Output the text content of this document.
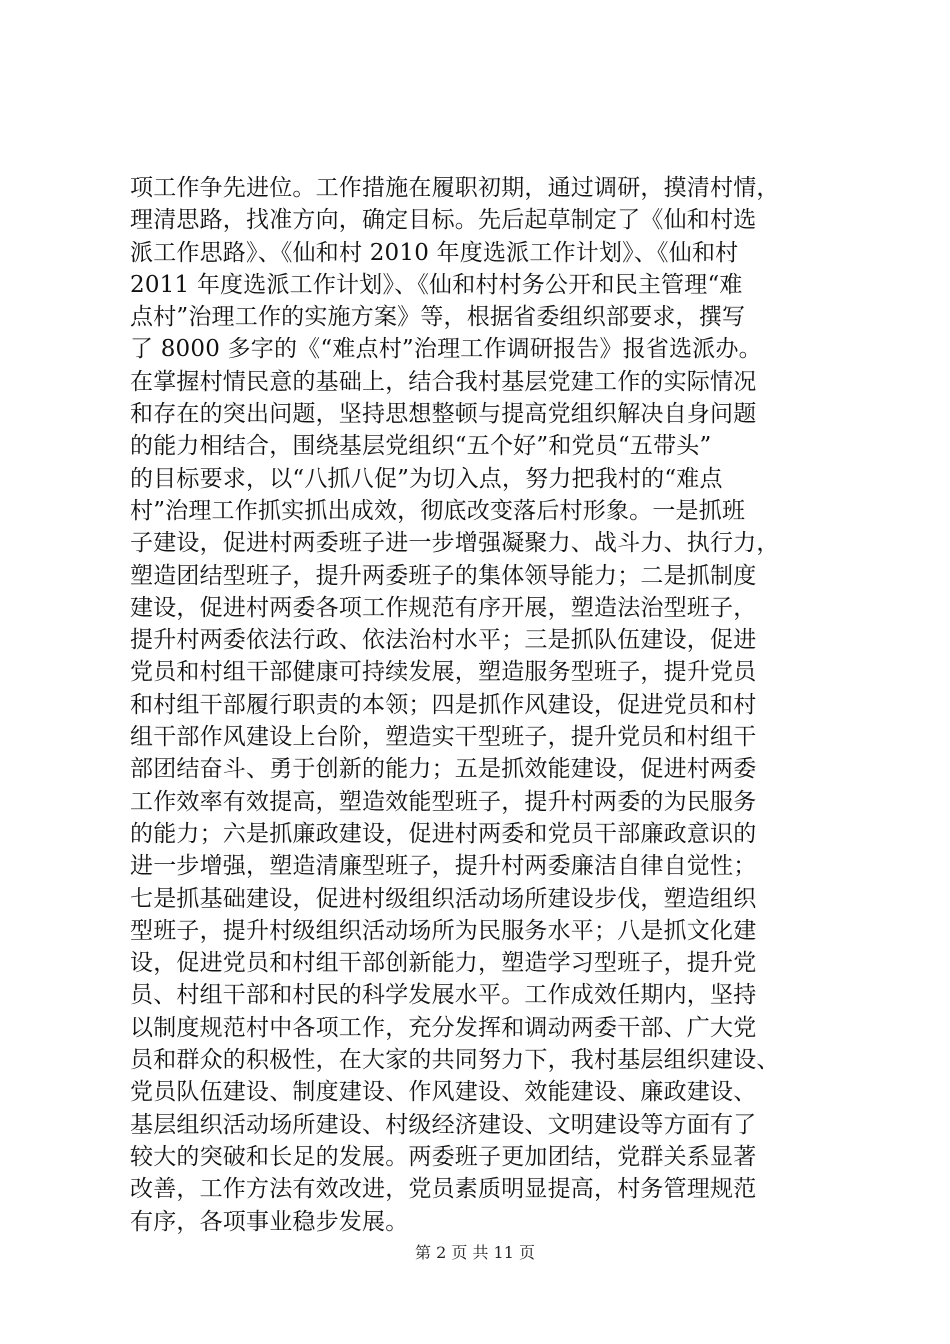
项工作争先进位。工作措施在履职初期，通过调研，摸清村情，
理清思路，找准方向，确定目标。先后起草制定了《仙和村选
派工作思路》、《仙和村 2010 年度选派工作计划》、《仙和村
2011 年度选派工作计划》、《仙和村村务公开和民主管理“难
点村”治理工作的实施方案》等，根据省委组织部要求，撰写
了 8000 多字的《“难点村”治理工作调研报告》报省选派办。
在掌握村情民意的基础上，结合我村基层党建工作的实际情况
和存在的突出问题，坚持思想整顿与提高党组织解决自身问题
的能力相结合，围绕基层党组织“五个好”和党员“五带头”
的目标要求，以“八抓八促”为切入点，努力把我村的“难点
村”治理工作抓实抓出成效，彻底改变落后村形象。一是抓班
子建设，促进村两委班子进一步增强凝聚力、战斗力、执行力，
塑造团结型班子，提升两委班子的集体领导能力；二是抓制度
建设，促进村两委各项工作规范有序开展，塑造法治型班子，
提升村两委依法行政、依法治村水平；三是抓队伍建设，促进
党员和村组干部健康可持续发展，塑造服务型班子，提升党员
和村组干部履行职责的本领；四是抓作风建设，促进党员和村
组干部作风建设上台阶，塑造实干型班子，提升党员和村组干
部团结奋斗、勇于创新的能力；五是抓效能建设，促进村两委
工作效率有效提高，塑造效能型班子，提升村两委的为民服务
的能力；六是抓廉政建设，促进村两委和党员干部廉政意识的
进一步增强，塑造清廉型班子，提升村两委廉洁自律自觉性；
七是抓基础建设，促进村级组织活动场所建设步伐，塑造组织
型班子，提升村级组织活动场所为民服务水平；八是抓文化建
设，促进党员和村组干部创新能力，塑造学习型班子，提升党
员、村组干部和村民的科学发展水平。工作成效任期内，坚持
以制度规范村中各项工作，充分发挥和调动两委干部、广大党
员和群众的积极性，在大家的共同努力下，我村基层组织建设、
党员队伍建设、制度建设、作风建设、效能建设、廉政建设、
基层组织活动场所建设、村级经济建设、文明建设等方面有了
较大的突破和长足的发展。两委班子更加团结，党群关系显著
改善，工作方法有效改进，党员素质明显提高，村务管理规范
有序，各项事业稳步发展。
第 2 页 共 11 页
